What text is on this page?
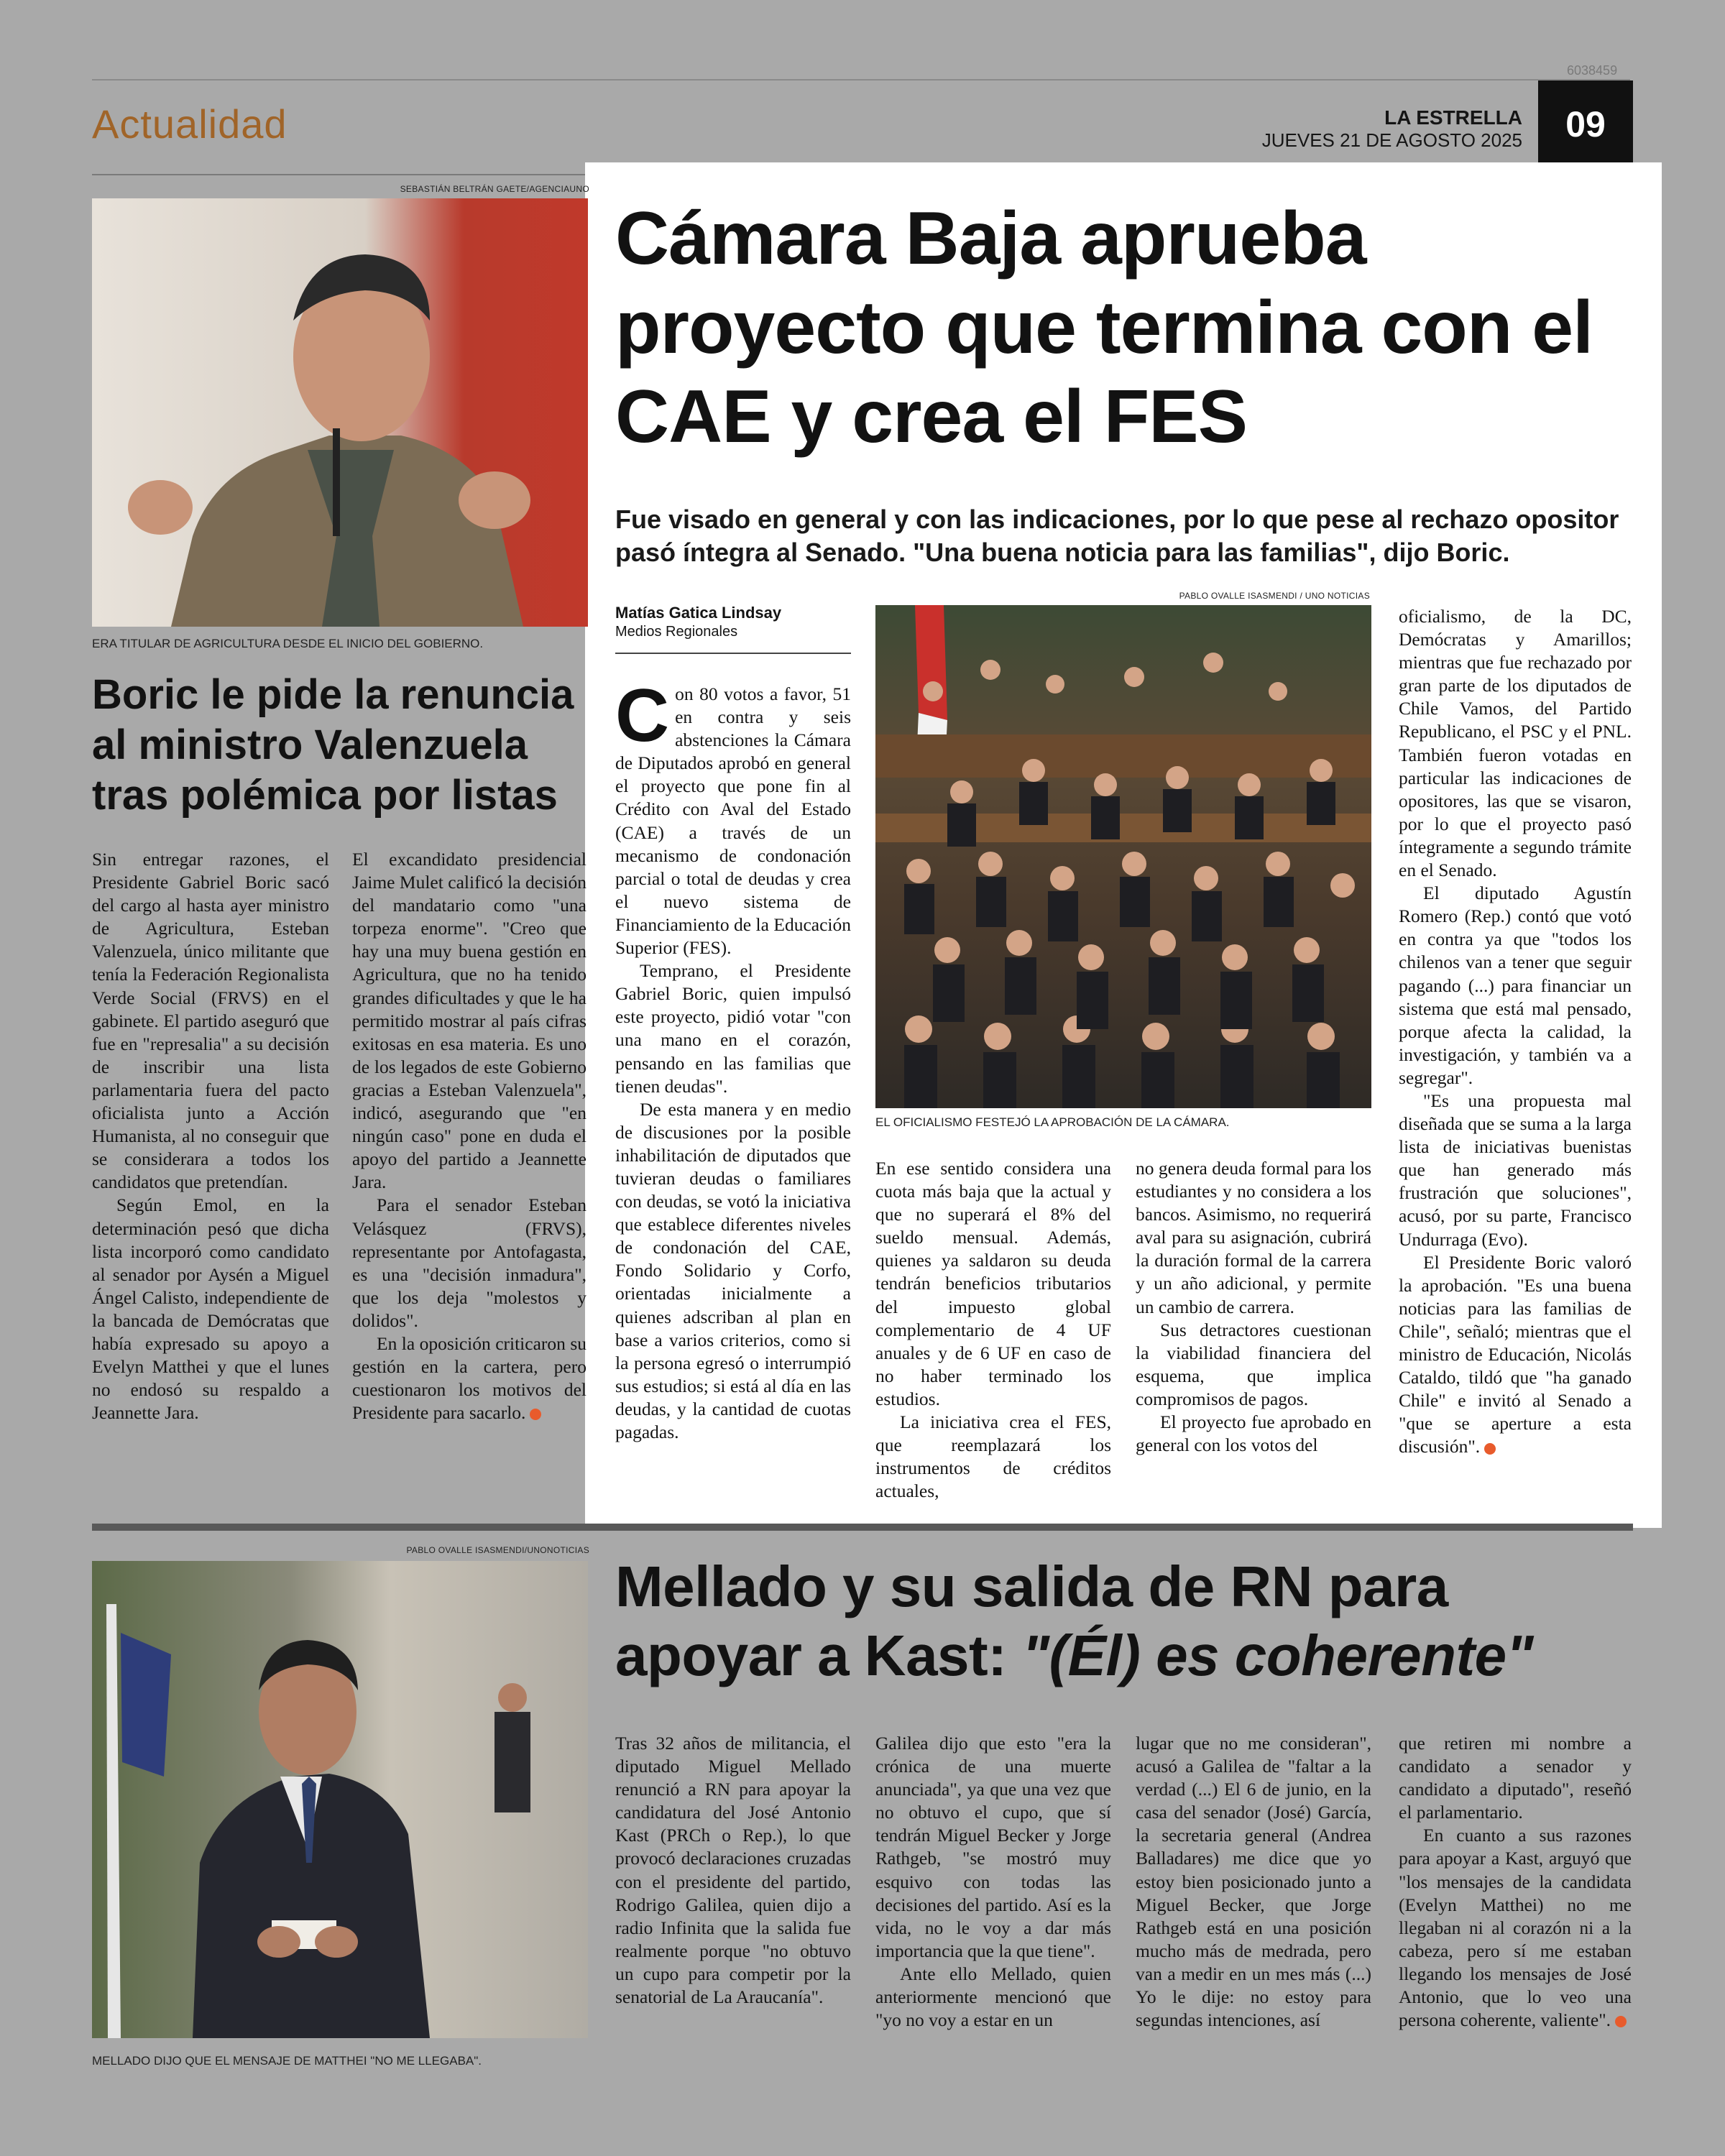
6038459
Actualidad	LA ESTRELLA
JUEVES 21 DE AGOSTO 2025	09
SEBASTIÁN BELTRÁN GAETE/AGENCIAUNO
ERA TITULAR DE AGRICULTURA DESDE EL INICIO DEL GOBIERNO.
Boric le pide la renuncia al ministro Valenzuela tras polémica por listas

Sin entregar razones, el Presidente Gabriel Boric sacó del cargo al hasta ayer ministro de Agricultura, Esteban Valenzuela, único militante que tenía la Federación Regionalista Verde Social (FRVS) en el gabinete. El partido aseguró que fue en "represalia" a su decisión de inscribir una lista parlamentaria fuera del pacto oficialista junto a Acción Humanista, al no conseguir que se considerara a todos los candidatos que pretendían.

Según Emol, en la determinación pesó que dicha lista incorporó como candidato al senador por Aysén a Miguel Ángel Calisto, independiente de la bancada de Demócratas que había expresado su apoyo a Evelyn Matthei y que el lunes no endosó su respaldo a Jeannette Jara.

El excandidato presidencial Jaime Mulet calificó la decisión del mandatario como "una torpeza enorme". "Creo que hay una muy buena gestión en Agricultura, que no ha tenido grandes dificultades y que le ha permitido mostrar al país cifras exitosas en esa materia. Es uno de los legados de este Gobierno gracias a Esteban Valenzuela", indicó, asegurando que "en ningún caso" pone en duda el apoyo del partido a Jeannette Jara.

Para el senador Esteban Velásquez (FRVS), representante por Antofagasta, es una "decisión inmadura", que los deja "molestos y dolidos".

En la oposición criticaron su gestión en la cartera, pero cuestionaron los motivos del Presidente para sacarlo.

Cámara Baja aprueba proyecto que termina con el CAE y crea el FES
Fue visado en general y con las indicaciones, por lo que pese al rechazo opositor pasó íntegra al Senado. "Una buena noticia para las familias", dijo Boric.
Matías Gatica Lindsay
Medios Regionales
PABLO OVALLE ISASMENDI / UNO NOTICIAS
EL OFICIALISMO FESTEJÓ LA APROBACIÓN DE LA CÁMARA.

Con 80 votos a favor, 51 en contra y seis abstenciones la Cámara de Diputados aprobó en general el proyecto que pone fin al Crédito con Aval del Estado (CAE) a través de un mecanismo de condonación parcial o total de deudas y crea el nuevo sistema de Financiamiento de la Educación Superior (FES).

Temprano, el Presidente Gabriel Boric, quien impulsó este proyecto, pidió votar "con una mano en el corazón, pensando en las familias que tienen deudas".

De esta manera y en medio de discusiones por la posible inhabilitación de diputados que tuvieran deudas o familiares con deudas, se votó la iniciativa que establece diferentes niveles de condonación del CAE, Fondo Solidario y Corfo, orientadas inicialmente a quienes adscriban al plan en base a varios criterios, como si la persona egresó o interrumpió sus estudios; si está al día en las deudas, y la cantidad de cuotas pagadas.

En ese sentido considera una cuota más baja que la actual y que no superará el 8% del sueldo mensual. Además, quienes ya saldaron su deuda tendrán beneficios tributarios del impuesto global complementario de 4 UF anuales y de 6 UF en caso de no haber terminado los estudios.

La iniciativa crea el FES, que reemplazará los instrumentos de créditos actuales,

no genera deuda formal para los estudiantes y no considera a los bancos. Asimismo, no requerirá aval para su asignación, cubrirá la duración formal de la carrera y un año adicional, y permite un cambio de carrera.

Sus detractores cuestionan la viabilidad financiera del esquema, que implica compromisos de pagos.

El proyecto fue aprobado en general con los votos del

oficialismo, de la DC, Demócratas y Amarillos; mientras que fue rechazado por gran parte de los diputados de Chile Vamos, del Partido Republicano, el PSC y el PNL. También fueron votadas en particular las indicaciones de opositores, las que se visaron, por lo que el proyecto pasó íntegramente a segundo trámite en el Senado.

El diputado Agustín Romero (Rep.) contó que votó en contra ya que "todos los chilenos van a tener que seguir pagando (...) para financiar un sistema que está mal pensado, porque afecta la calidad, la investigación, y también va a segregar".

"Es una propuesta mal diseñada que se suma a la larga lista de iniciativas buenistas que han generado más frustración que soluciones", acusó, por su parte, Francisco Undurraga (Evo).

El Presidente Boric valoró la aprobación. "Es una buena noticias para las familias de Chile", señaló; mientras que el ministro de Educación, Nicolás Cataldo, tildó que "ha ganado Chile" e invitó al Senado a "que se aperture a esta discusión".

PABLO OVALLE ISASMENDI/UNONOTICIAS
MELLADO DIJO QUE EL MENSAJE DE MATTHEI "NO ME LLEGABA".
Mellado y su salida de RN para
apoyar a Kast: "(Él) es coherente"

Tras 32 años de militancia, el diputado Miguel Mellado renunció a RN para apoyar la candidatura del José Antonio Kast (PRCh o Rep.), lo que provocó declaraciones cruzadas con el presidente del partido, Rodrigo Galilea, quien dijo a radio Infinita que la salida fue realmente porque "no obtuvo un cupo para competir por la senatorial de La Araucanía".

Galilea dijo que esto "era la crónica de una muerte anunciada", ya que una vez que no obtuvo el cupo, que sí tendrán Miguel Becker y Jorge Rathgeb, "se mostró muy esquivo con todas las decisiones del partido. Así es la vida, no le voy a dar más importancia que la que tiene".

Ante ello Mellado, quien anteriormente mencionó que "yo no voy a estar en un

lugar que no me consideran", acusó a Galilea de "faltar a la verdad (...) El 6 de junio, en la casa del senador (José) García, la secretaria general (Andrea Balladares) me dice que yo estoy bien posicionado junto a Miguel Becker, que Jorge Rathgeb está en una posición mucho más de medrada, pero van a medir en un mes más (...) Yo le dije: no estoy para segundas intenciones, así

que retiren mi nombre a candidato a senador y candidato a diputado", reseñó el parlamentario.

En cuanto a sus razones para apoyar a Kast, arguyó que "los mensajes de la candidata (Evelyn Matthei) no me llegaban ni al corazón ni a la cabeza, pero sí me estaban llegando los mensajes de José Antonio, que lo veo una persona coherente, valiente".
